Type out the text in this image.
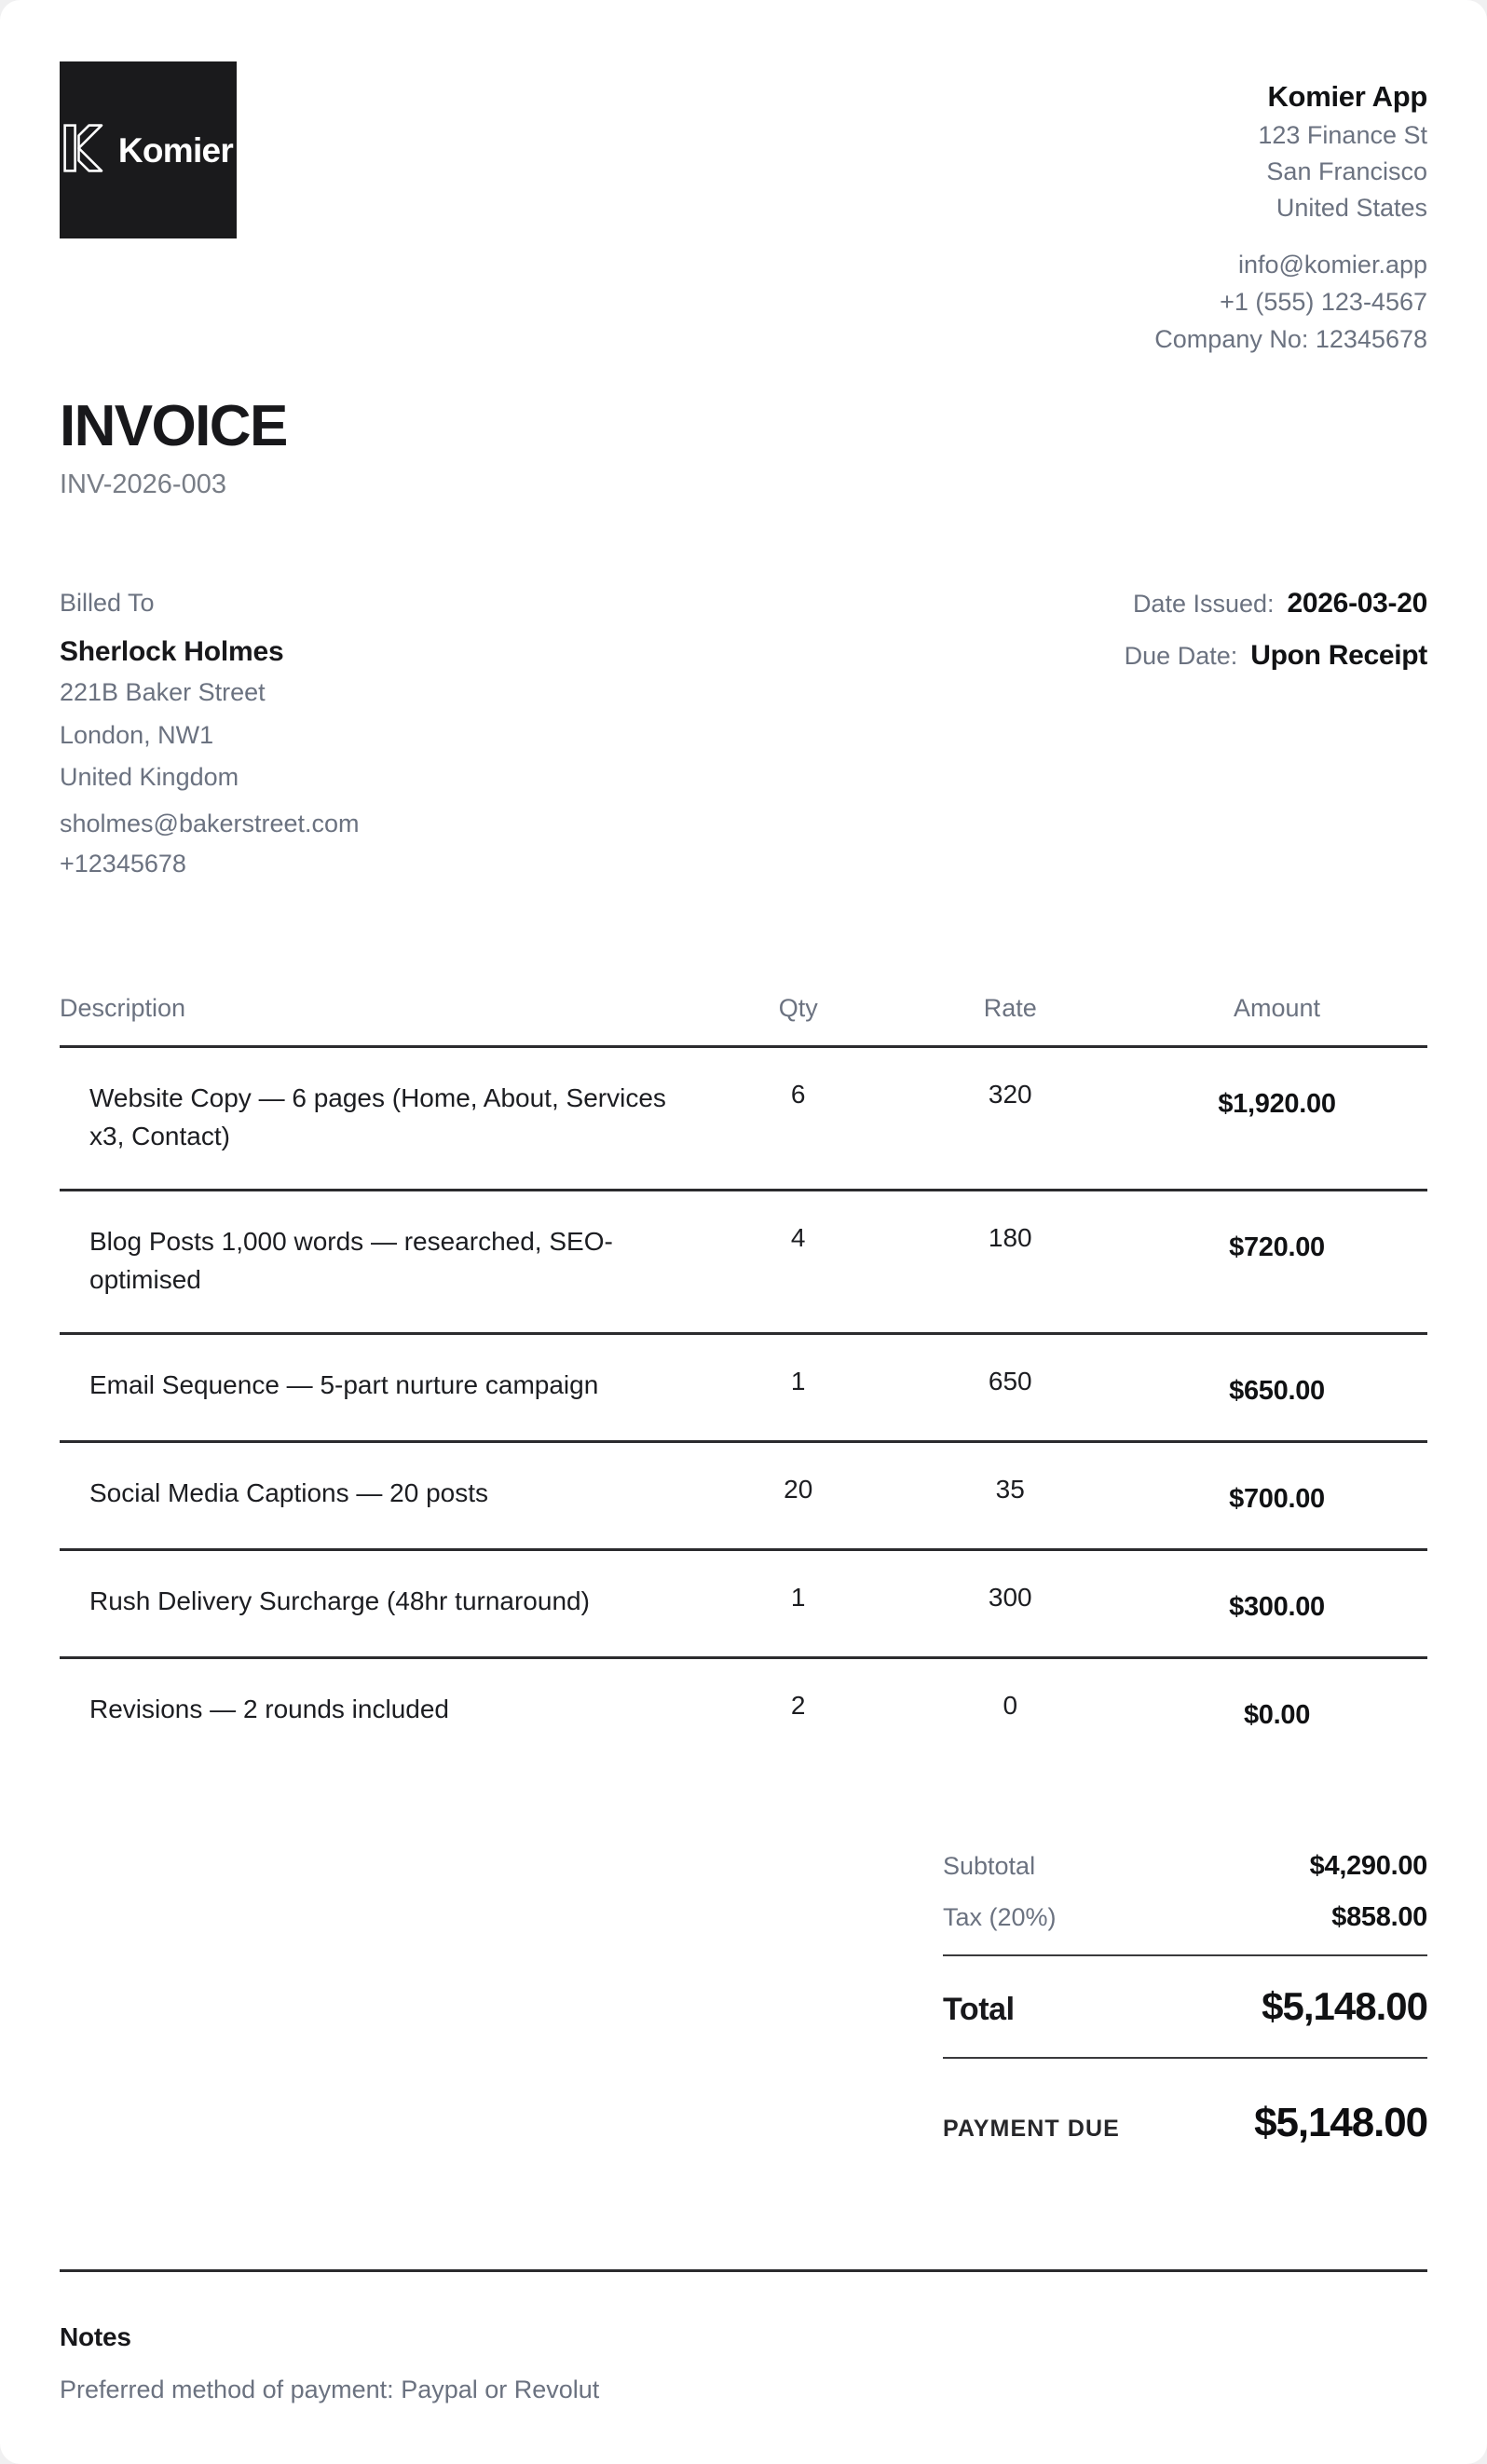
Komier
Komier App
123 Finance St
San Francisco
United States
info@komier.app
+1 (555) 123-4567
Company No: 12345678
INVOICE
INV-2026-003
Billed To
Sherlock Holmes
221B Baker Street
London, NW1
United Kingdom
sholmes@bakerstreet.com
+12345678
Date Issued: 2026-03-20
Due Date: Upon Receipt
Description	Qty	Rate	Amount
Website Copy — 6 pages (Home, About, Services x3, Contact)	6	320	$1,920.00
Blog Posts 1,000 words — researched, SEO-optimised	4	180	$720.00
Email Sequence — 5-part nurture campaign	1	650	$650.00
Social Media Captions — 20 posts	20	35	$700.00
Rush Delivery Surcharge (48hr turnaround)	1	300	$300.00
Revisions — 2 rounds included	2	0	$0.00
Subtotal	$4,290.00
Tax (20%)	$858.00
Total	$5,148.00
PAYMENT DUE	$5,148.00
Notes
Preferred method of payment: Paypal or Revolut
